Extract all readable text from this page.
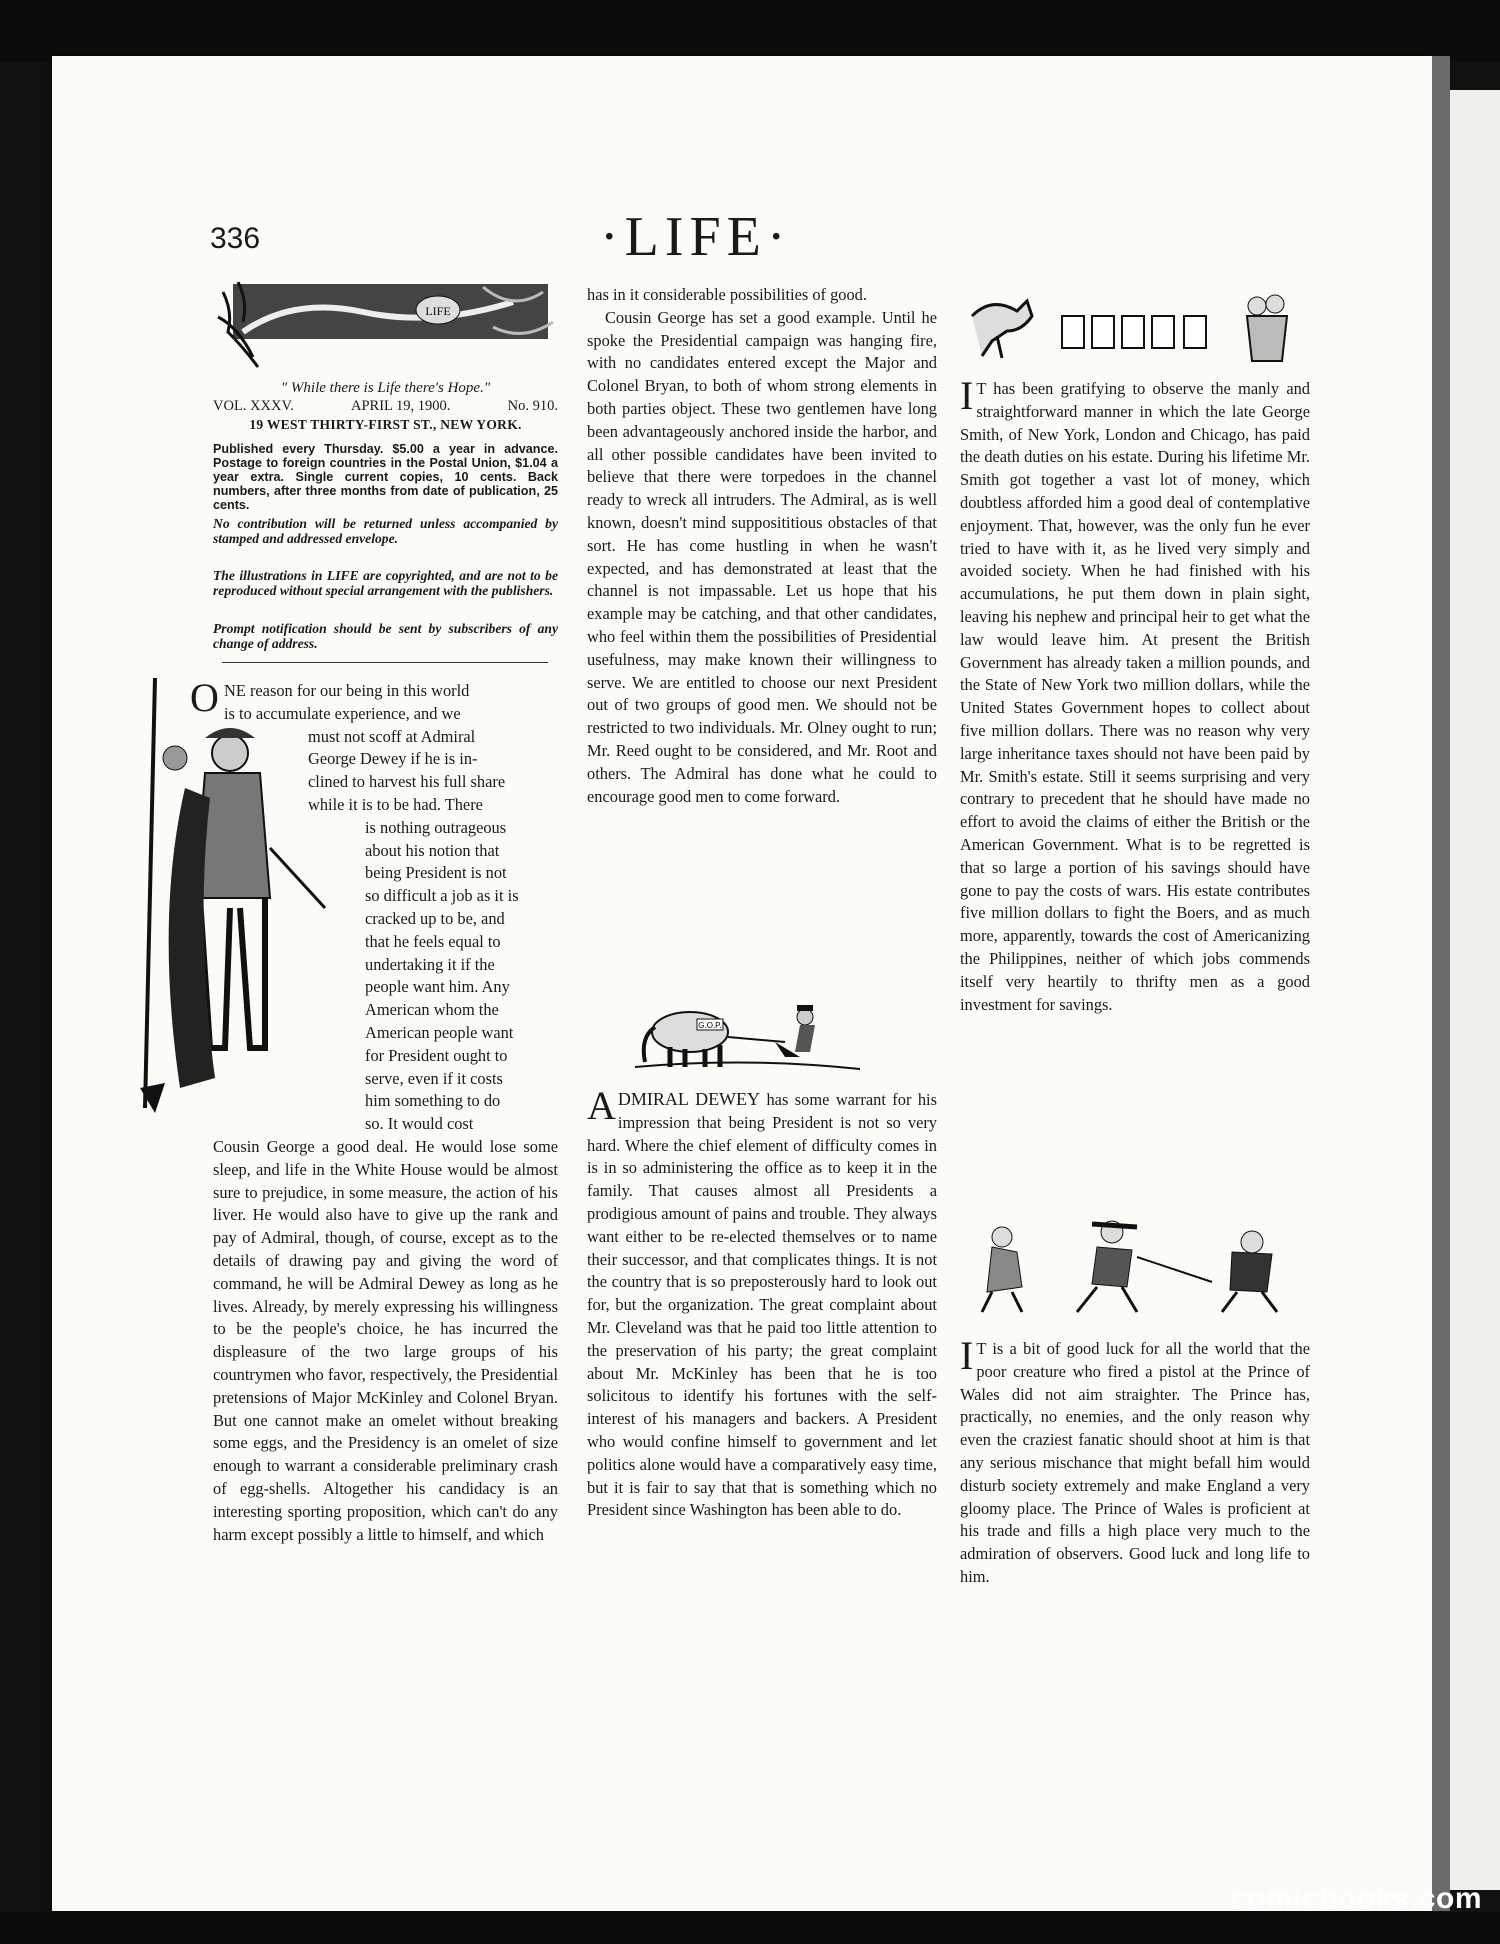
comicbooks.com
336	·LIFE·
LIFE
" While there is Life there's Hope."
VOL. XXXV.	APRIL 19, 1900.	No. 910.
19 WEST THIRTY-FIRST ST., NEW YORK.
Published every Thursday. $5.00 a year in advance. Postage to foreign countries in the Postal Union, $1.04 a year extra. Single current copies, 10 cents. Back numbers, after three months from date of publication, 25 cents.
No contribution will be returned unless accompanied by stamped and addressed envelope.
The illustrations in LIFE are copyrighted, and are not to be reproduced without special arrangement with the publishers.
Prompt notification should be sent by subscribers of any change of address.
O NE reason for our being in this world
is to accumulate experience, and we
must not scoff at Admiral
George Dewey if he is in-
clined to harvest his full share
while it is to be had. There
is nothing outrageous
about his notion that
being President is not
so difficult a job as it is
cracked up to be, and
that he feels equal to
undertaking it if the
people want him. Any
American whom the
American people want
for President ought to
serve, even if it costs
him something to do
so. It would cost
Cousin George a good deal. He would lose some sleep, and life in the White House would be almost sure to prejudice, in some measure, the action of his liver. He would also have to give up the rank and pay of Admiral, though, of course, except as to the details of drawing pay and giving the word of command, he will be Admiral Dewey as long as he lives. Already, by merely expressing his willingness to be the people's choice, he has incurred the displeasure of the two large groups of his countrymen who favor, respectively, the Presidential pretensions of Major McKinley and Colonel Bryan. But one cannot make an omelet without breaking some eggs, and the Presidency is an omelet of size enough to warrant a considerable preliminary crash of egg-shells. Altogether his candidacy is an interesting sporting proposition, which can't do any harm except possibly a little to himself, and which
has in it considerable possibilities of good.

Cousin George has set a good example. Until he spoke the Presidential campaign was hanging fire, with no candidates entered except the Major and Colonel Bryan, to both of whom strong elements in both parties object. These two gentlemen have long been advantageously anchored inside the harbor, and all other possible candidates have been invited to believe that there were torpedoes in the channel ready to wreck all intruders. The Admiral, as is well known, doesn't mind supposititious obstacles of that sort. He has come hustling in when he wasn't expected, and has demonstrated at least that the channel is not impassable. Let us hope that his example may be catching, and that other candidates, who feel within them the possibilities of Presidential usefulness, may make known their willingness to serve. We are entitled to choose our next President out of two groups of good men. We should not be restricted to two individuals. Mr. Olney ought to run; Mr. Reed ought to be considered, and Mr. Root and others. The Admiral has done what he could to encourage good men to come forward.

G.O.P.
ADMIRAL DEWEY has some warrant for his impression that being President is not so very hard. Where the chief element of difficulty comes in is in so administering the office as to keep it in the family. That causes almost all Presidents a prodigious amount of pains and trouble. They always want either to be re-elected themselves or to name their successor, and that complicates things. It is not the country that is so preposterously hard to look out for, but the organization. The great complaint about Mr. Cleveland was that he paid too little attention to the preservation of his party; the great complaint about Mr. McKinley has been that he is too solicitous to identify his fortunes with the self-interest of his managers and backers. A President who would confine himself to government and let politics alone would have a comparatively easy time, but it is fair to say that that is something which no President since Washington has been able to do.
I T has been gratifying to observe the manly and straightforward manner in which the late George Smith, of New York, London and Chicago, has paid the death duties on his estate. During his lifetime Mr. Smith got together a vast lot of money, which doubtless afforded him a good deal of contemplative enjoyment. That, however, was the only fun he ever tried to have with it, as he lived very simply and avoided society. When he had finished with his accumulations, he put them down in plain sight, leaving his nephew and principal heir to get what the law would leave him. At present the British Government has already taken a million pounds, and the State of New York two million dollars, while the United States Government hopes to collect about five million dollars. There was no reason why very large inheritance taxes should not have been paid by Mr. Smith's estate. Still it seems surprising and very contrary to precedent that he should have made no effort to avoid the claims of either the British or the American Government. What is to be regretted is that so large a portion of his savings should have gone to pay the costs of wars. His estate contributes five million dollars to fight the Boers, and as much more, apparently, towards the cost of Americanizing the Philippines, neither of which jobs commends itself very heartily to thrifty men as a good investment for savings.
I T is a bit of good luck for all the world that the poor creature who fired a pistol at the Prince of Wales did not aim straighter. The Prince has, practically, no enemies, and the only reason why even the craziest fanatic should shoot at him is that any serious mischance that might befall him would disturb society extremely and make England a very gloomy place. The Prince of Wales is proficient at his trade and fills a high place very much to the admiration of observers. Good luck and long life to him.
